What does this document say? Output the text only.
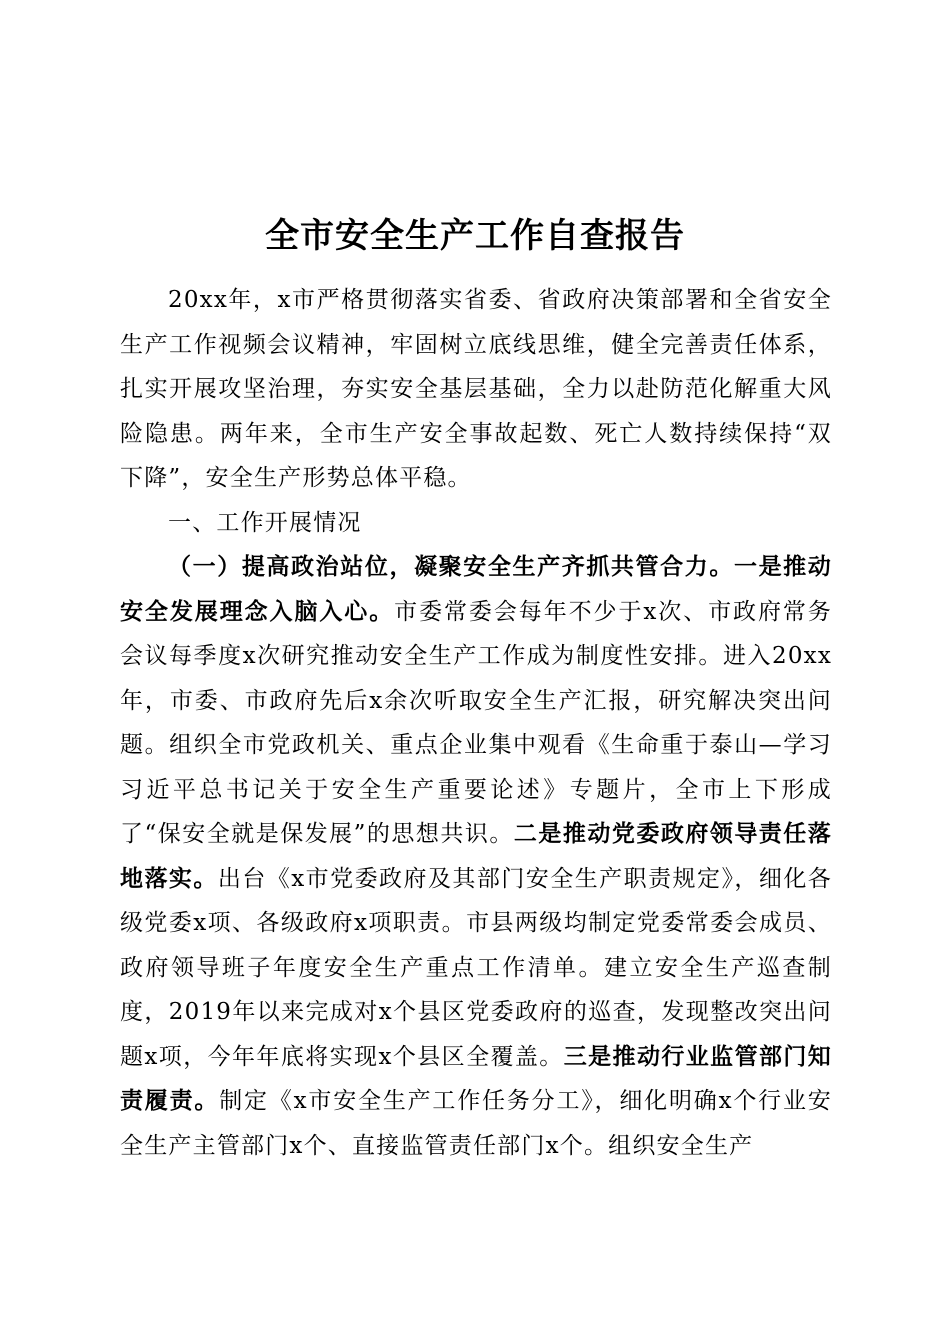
全市安全生产工作自查报告

20xx年，x市严格贯彻落实省委、省政府决策部署和全省安全生产工作视频会议精神，牢固树立底线思维，健全完善责任体系，扎实开展攻坚治理，夯实安全基层基础，全力以赴防范化解重大风险隐患。两年来，全市生产安全事故起数、死亡人数持续保持“双下降”，安全生产形势总体平稳。

一、工作开展情况

（一）提高政治站位，凝聚安全生产齐抓共管合力。一是推动安全发展理念入脑入心。市委常委会每年不少于x次、市政府常务会议每季度x次研究推动安全生产工作成为制度性安排。进入20xx年，市委、市政府先后x余次听取安全生产汇报，研究解决突出问题。组织全市党政机关、重点企业集中观看《生命重于泰山—学习习近平总书记关于安全生产重要论述》专题片，全市上下形成了“保安全就是保发展”的思想共识。二是推动党委政府领导责任落地落实。出台《x市党委政府及其部门安全生产职责规定》，细化各级党委x项、各级政府x项职责。市县两级均制定党委常委会成员、政府领导班子年度安全生产重点工作清单。建立安全生产巡查制度，2019年以来完成对x个县区党委政府的巡查，发现整改突出问题x项，今年年底将实现x个县区全覆盖。三是推动行业监管部门知责履责。制定《x市安全生产工作任务分工》，细化明确x个行业安全生产主管部门x个、直接监管责任部门x个。组织安全生产
